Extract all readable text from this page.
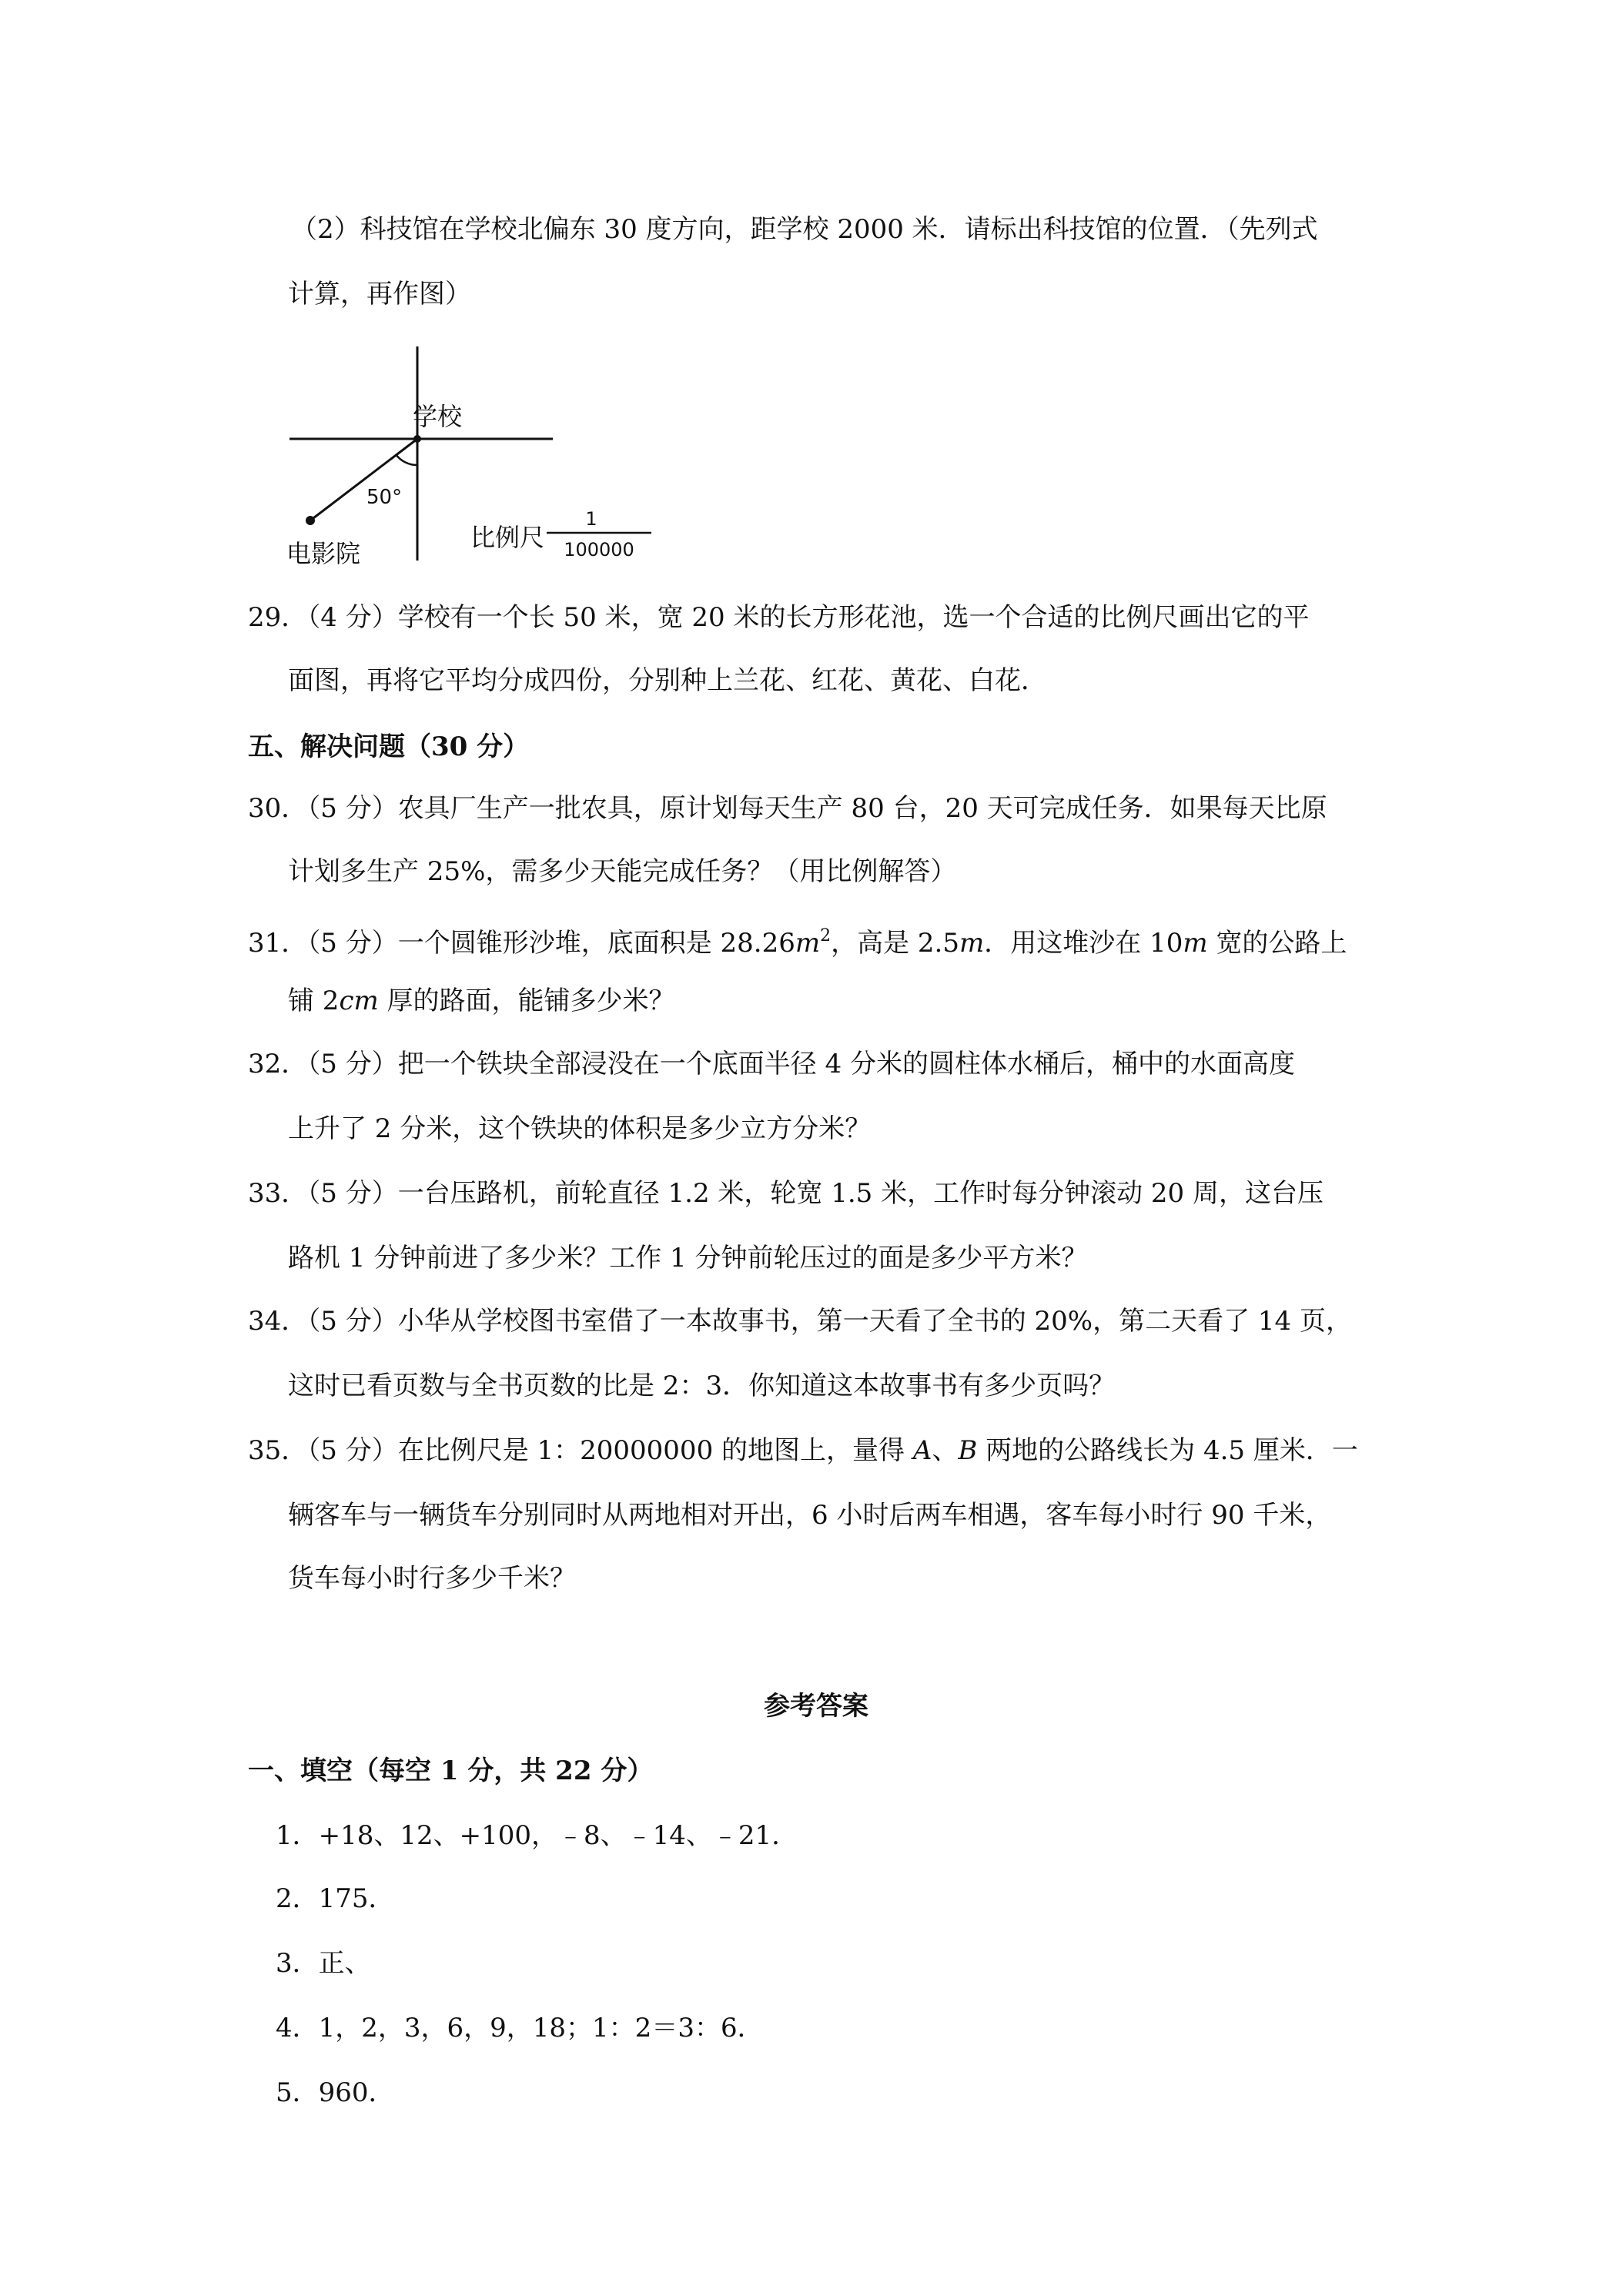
（2）科技馆在学校北偏东 30 度方向，距学校 2000 米．请标出科技馆的位置．（先列式
计算，再作图）
学校
50°
电影院
比例尺
1
100000
29．（4 分）学校有一个长 50 米，宽 20 米的长方形花池，选一个合适的比例尺画出它的平
面图，再将它平均分成四份，分别种上兰花、红花、黄花、白花．
五、解决问题（30 分）
30．（5 分）农具厂生产一批农具，原计划每天生产 80 台，20 天可完成任务．如果每天比原
计划多生产 25%，需多少天能完成任务？（用比例解答）
31．（5 分）一个圆锥形沙堆，底面积是 $28.26m^2$，高是 2.5m．用这堆沙在 10m 宽的公路上
铺 2cm 厚的路面，能铺多少米？
32．（5 分）把一个铁块全部浸没在一个底面半径 4 分米的圆柱体水桶后，桶中的水面高度
上升了 2 分米，这个铁块的体积是多少立方分米？
33．（5 分）一台压路机，前轮直径 1.2 米，轮宽 1.5 米，工作时每分钟滚动 20 周，这台压
路机 1 分钟前进了多少米？工作 1 分钟前轮压过的面是多少平方米？
34．（5 分）小华从学校图书室借了一本故事书，第一天看了全书的 20%，第二天看了 14 页，
这时已看页数与全书页数的比是 2：3．你知道这本故事书有多少页吗？
35．（5 分）在比例尺是 1：20000000 的地图上，量得 A、B 两地的公路线长为 4.5 厘米．一
辆客车与一辆货车分别同时从两地相对开出，6 小时后两车相遇，客车每小时行 90 千米，
货车每小时行多少千米？
参考答案
一、填空（每空 1 分，共 22 分）
1．+18、12、+100，﹣8、﹣14、﹣21．
2．175．
3．正、
4．1，2，3，6，9，18；1：2＝3：6．
5．960．
